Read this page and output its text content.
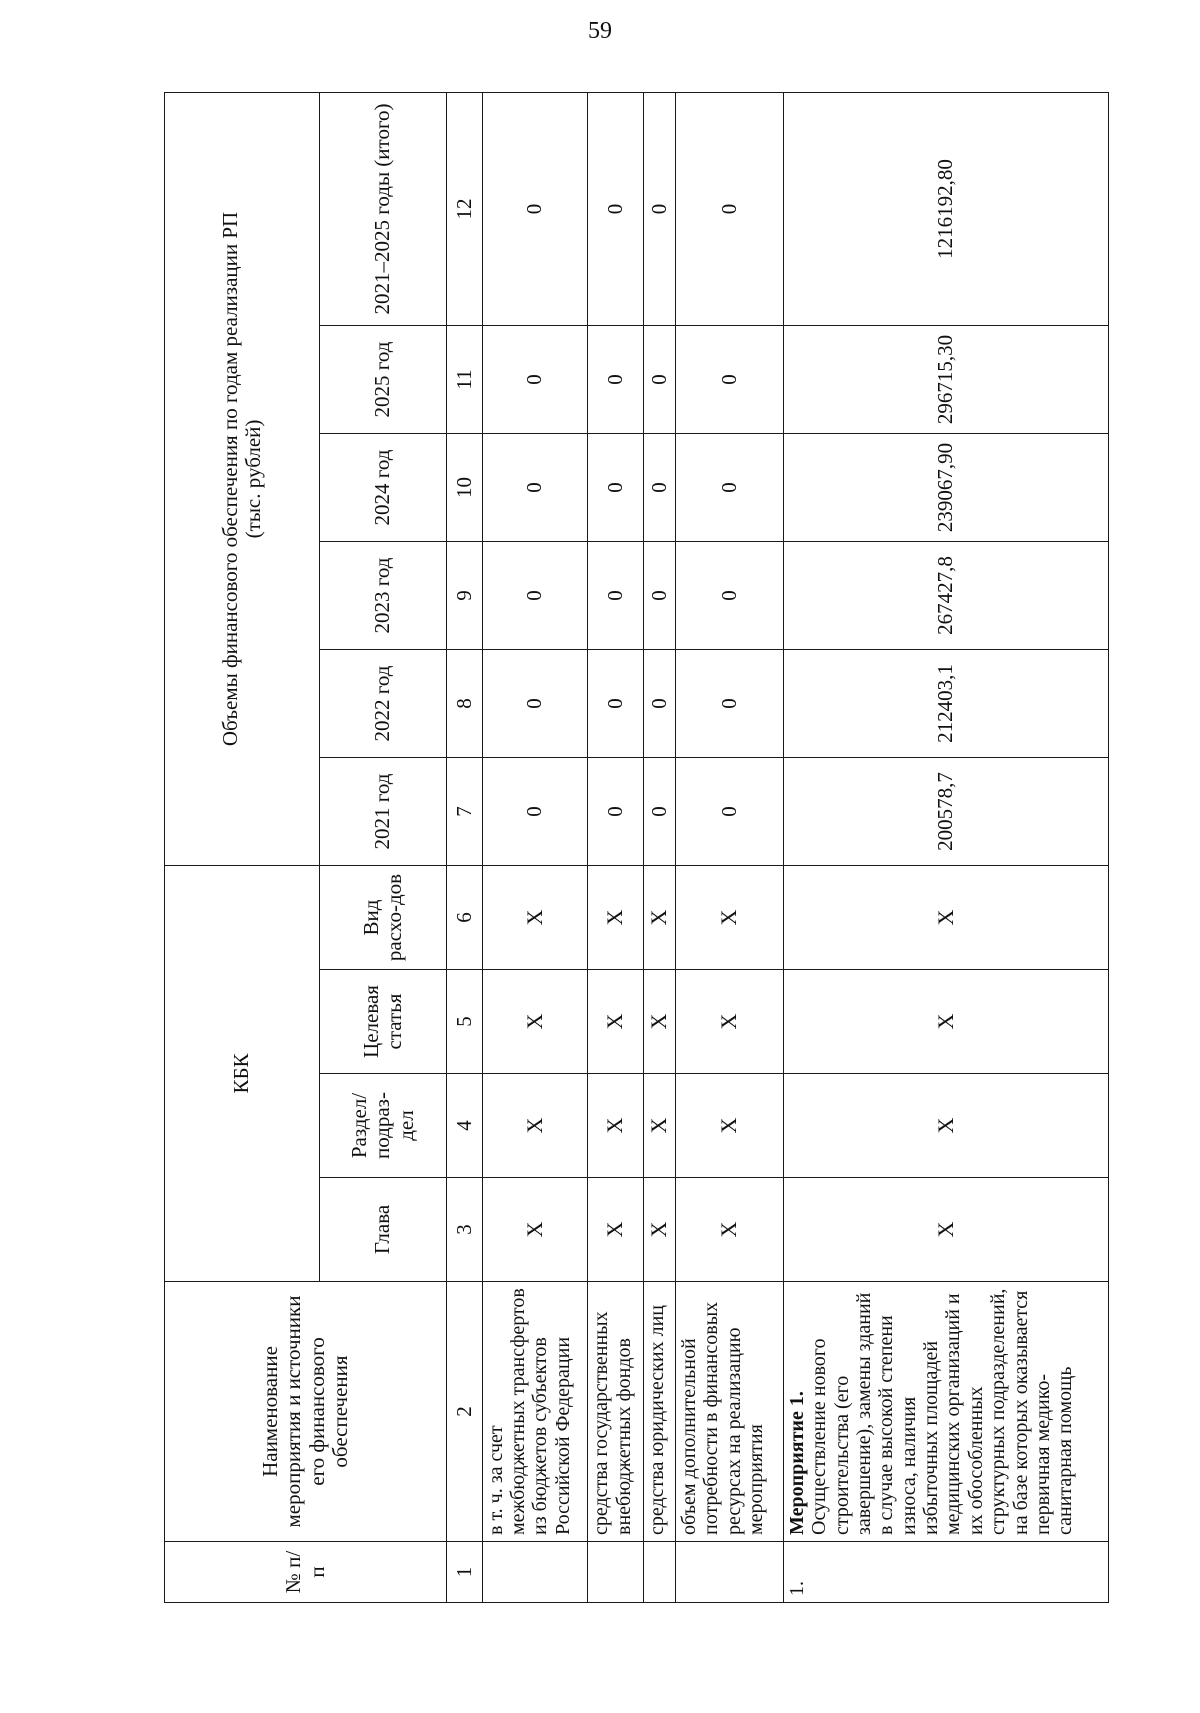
59
№ п/п	Наименование мероприятия и источники его финансового обеспечения	КБК				Объемы финансового обеспечения по годам реализации РП (тыс. рублей)					

		Глава	Раздел/ подраз-дел	Целевая статья	Вид расхо-дов	2021 год	2022 год	2023 год	2024 год	2025 год	2021–2025 годы (итого)
1	2	3	4	5	6	7	8	9	10	11	12
	в т. ч. за счет межбюджетных трансфертов из бюджетов субъектов Российской Федерации	X	X	X	X	0	0	0	0	0	0
	средства государственных внебюджетных фондов	X	X	X	X	0	0	0	0	0	0
	средства юридических лиц	X	X	X	X	0	0	0	0	0	0
	объем дополнительной потребности в финансовых ресурсах на реализацию мероприятия	X	X	X	X	0	0	0	0	0	0
1.	Мероприятие 1. Осуществление нового строительства (его завершение), замены зданий в случае высокой степени износа, наличия избыточных площадей медицинских организаций и их обособленных структурных подразделений, на базе которых оказывается первичная медико-санитарная помощь	X	X	X	X	200578,7	212403,1	267427,8	239067,90	296715,30	1216192,80
